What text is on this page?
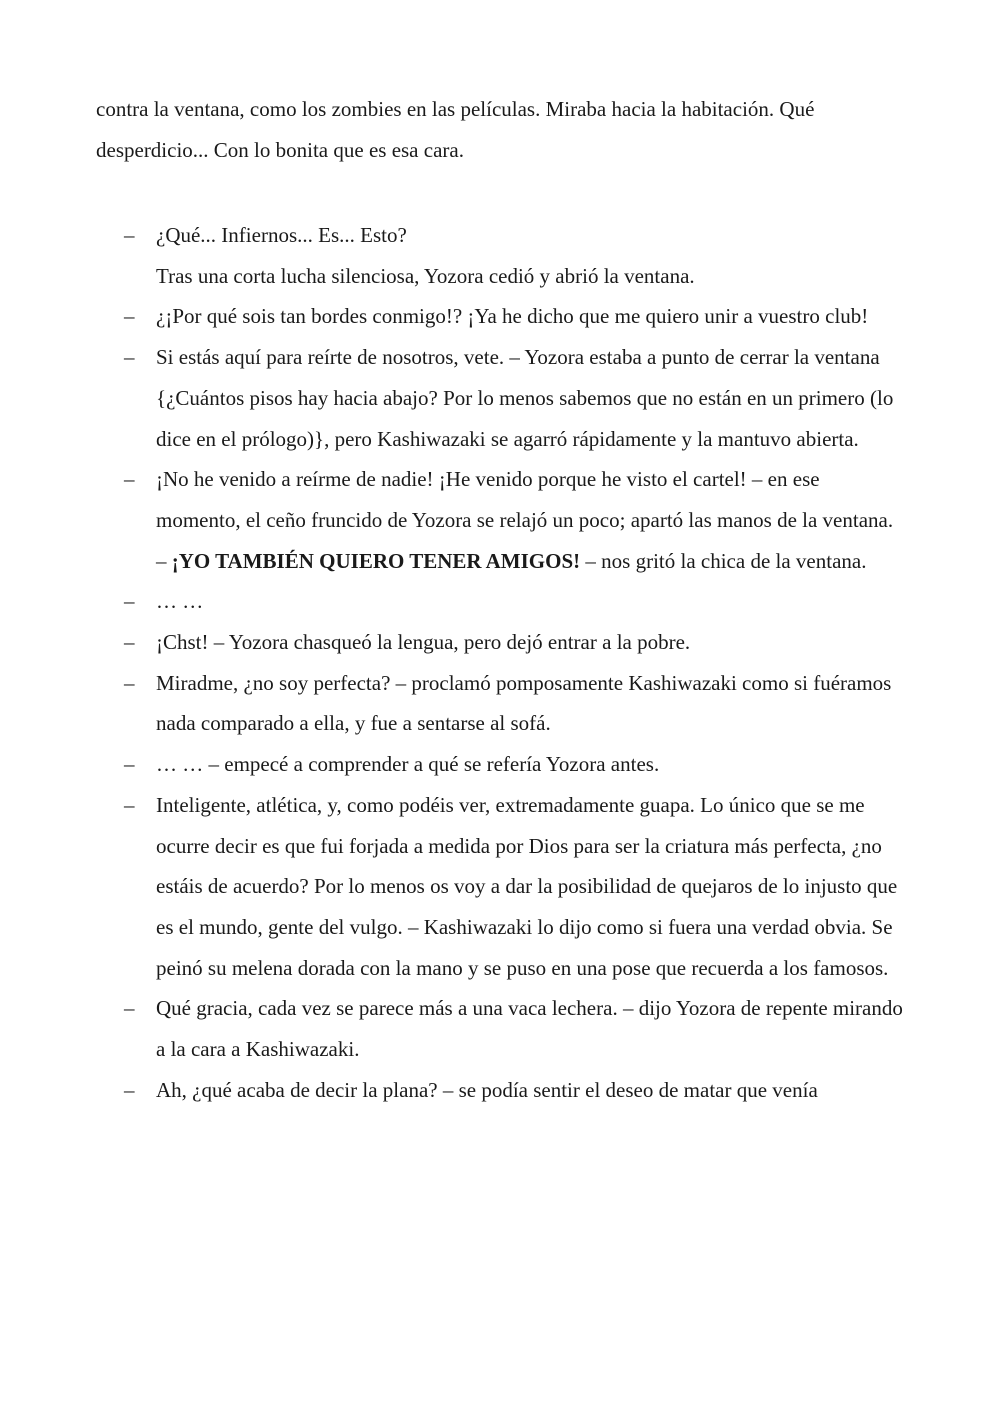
contra la ventana, como los zombies en las películas. Miraba hacia la habitación. Qué desperdicio... Con lo bonita que es esa cara.

– ¿Qué... Infiernos... Es... Esto?
Tras una corta lucha silenciosa, Yozora cedió y abrió la ventana.
– ¿¡Por qué sois tan bordes conmigo!? ¡Ya he dicho que me quiero unir a vuestro club!
– Si estás aquí para reírte de nosotros, vete. – Yozora estaba a punto de cerrar la ventana {¿Cuántos pisos hay hacia abajo? Por lo menos sabemos que no están en un primero (lo dice en el prólogo)}, pero Kashiwazaki se agarró rápidamente y la mantuvo abierta.
– ¡No he venido a reírme de nadie! ¡He venido porque he visto el cartel! – en ese momento, el ceño fruncido de Yozora se relajó un poco; apartó las manos de la ventana. – ¡YO TAMBIÉN QUIERO TENER AMIGOS! – nos gritó la chica de la ventana.
– … …
– ¡Chst! – Yozora chasqueó la lengua, pero dejó entrar a la pobre.
– Miradme, ¿no soy perfecta? – proclamó pomposamente Kashiwazaki como si fuéramos nada comparado a ella, y fue a sentarse al sofá.
– … … – empecé a comprender a qué se refería Yozora antes.
– Inteligente, atlética, y, como podéis ver, extremadamente guapa. Lo único que se me ocurre decir es que fui forjada a medida por Dios para ser la criatura más perfecta, ¿no estáis de acuerdo? Por lo menos os voy a dar la posibilidad de quejaros de lo injusto que es el mundo, gente del vulgo. – Kashiwazaki lo dijo como si fuera una verdad obvia. Se peinó su melena dorada con la mano y se puso en una pose que recuerda a los famosos.
– Qué gracia, cada vez se parece más a una vaca lechera. – dijo Yozora de repente mirando a la cara a Kashiwazaki.
– Ah, ¿qué acaba de decir la plana? – se podía sentir el deseo de matar que venía
